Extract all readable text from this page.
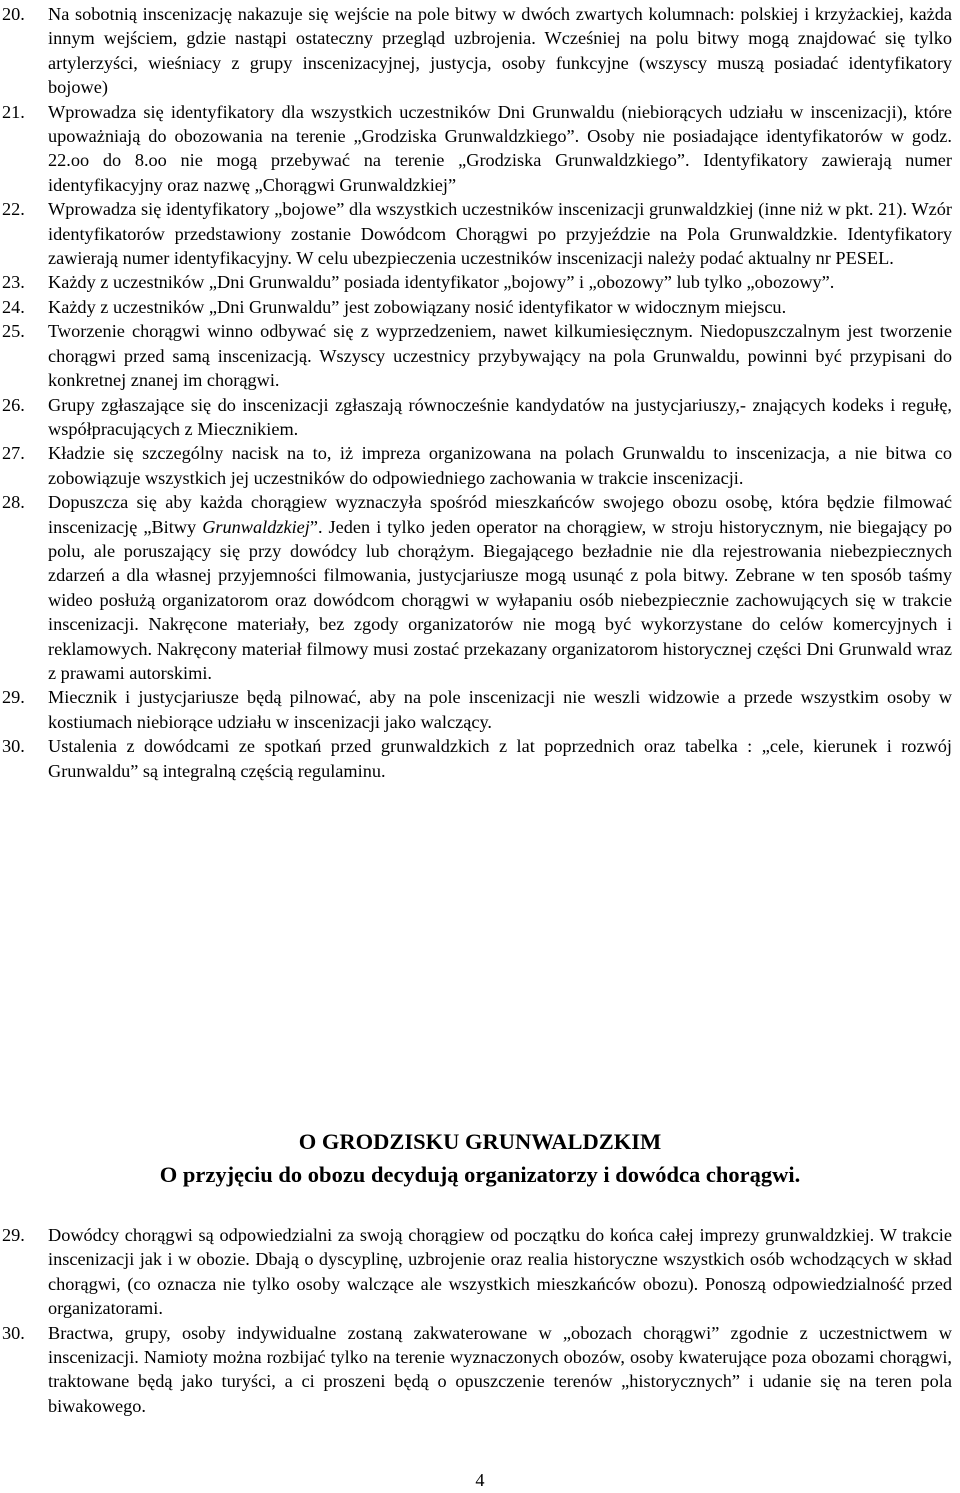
20. Na sobotnią inscenizację nakazuje się wejście na pole bitwy w dwóch zwartych kolumnach: polskiej i krzyżackiej, każda innym wejściem, gdzie nastąpi ostateczny przegląd uzbrojenia. Wcześniej na polu bitwy mogą znajdować się tylko artylerzyści, wieśniacy z grupy inscenizacyjnej, justycja, osoby funkcyjne (wszyscy muszą posiadać identyfikatory bojowe)
21. Wprowadza się identyfikatory dla wszystkich uczestników Dni Grunwaldu (niebiorących udziału w inscenizacji), które upoważniają do obozowania na terenie „Grodziska Grunwaldzkiego”. Osoby nie posiadające identyfikatorów w godz. 22.oo do 8.oo nie mogą przebywać na terenie „Grodziska Grunwaldzkiego”. Identyfikatory zawierają numer identyfikacyjny oraz nazwę „Chorągwi Grunwaldzkiej”
22. Wprowadza się identyfikatory „bojowe” dla wszystkich uczestników inscenizacji grunwaldzkiej (inne niż w pkt. 21). Wzór identyfikatorów przedstawiony zostanie Dowódcom Chorągwi po przyjeździe na Pola Grunwaldzkie. Identyfikatory zawierają numer identyfikacyjny. W celu ubezpieczenia uczestników inscenizacji należy podać aktualny nr PESEL.
23. Każdy z uczestników „Dni Grunwaldu” posiada identyfikator „bojowy” i „obozowy” lub tylko „obozowy”.
24. Każdy z uczestników „Dni Grunwaldu” jest zobowiązany nosić identyfikator w widocznym miejscu.
25. Tworzenie chorągwi winno odbywać się z wyprzedzeniem, nawet kilkumiesięcznym. Niedopuszczalnym jest tworzenie chorągwi przed samą inscenizacją. Wszyscy uczestnicy przybywający na pola Grunwaldu, powinni być przypisani do konkretnej znanej im chorągwi.
26. Grupy zgłaszające się do inscenizacji zgłaszają równocześnie kandydatów na justycjariuszy,- znających kodeks i regułę, współpracujących z Miecznikiem.
27. Kładzie się szczególny nacisk na to, iż impreza organizowana na polach Grunwaldu to inscenizacja, a nie bitwa co zobowiązuje wszystkich jej uczestników do odpowiedniego zachowania w trakcie inscenizacji.
28. Dopuszcza się aby każda chorągiew wyznaczyła spośród mieszkańców swojego obozu osobę, która będzie filmować inscenizację „Bitwy Grunwaldzkiej”. Jeden i tylko jeden operator na chorągiew, w stroju historycznym, nie biegający po polu, ale poruszający się przy dowódcy lub chorążym. Biegającego bezładnie nie dla rejestrowania niebezpiecznych zdarzeń a dla własnej przyjemności filmowania, justycjariusze mogą usunąć z pola bitwy. Zebrane w ten sposób taśmy wideo posłużą organizatorom oraz dowódcom chorągwi w wyłapaniu osób niebezpiecznie zachowujących się w trakcie inscenizacji. Nakręcone materiały, bez zgody organizatorów nie mogą być wykorzystane do celów komercyjnych i reklamowych. Nakręcony materiał filmowy musi zostać przekazany organizatorom historycznej części Dni Grunwald wraz z prawami autorskimi.
29. Miecznik i justycjariusze będą pilnować, aby na pole inscenizacji nie weszli widzowie a przede wszystkim osoby w kostiumach niebiorące udziału w inscenizacji jako walczący.
30. Ustalenia z dowódcami ze spotkań przed grunwaldzkich z lat poprzednich oraz tabelka : „cele, kierunek i rozwój Grunwaldu” są integralną częścią regulaminu.
O GRODZISKU GRUNWALDZKIM
O przyjęciu do obozu decydują organizatorzy i dowódca chorągwi.
29. Dowódcy chorągwi są odpowiedzialni za swoją chorągiew od początku do końca całej imprezy grunwaldzkiej. W trakcie inscenizacji jak i w obozie. Dbają o dyscyplinę, uzbrojenie oraz realia historyczne wszystkich osób wchodzących w skład chorągwi, (co oznacza nie tylko osoby walczące ale wszystkich mieszkańców obozu). Ponoszą odpowiedzialność przed organizatorami.
30. Bractwa, grupy, osoby indywidualne zostaną zakwaterowane w „obozach chorągwi” zgodnie z uczestnictwem w inscenizacji. Namioty można rozbijać tylko na terenie wyznaczonych obozów, osoby kwaterujące poza obozami chorągwi, traktowane będą jako turyści, a ci proszeni będą o opuszczenie terenów „historycznych” i udanie się na teren pola biwakowego.
4
